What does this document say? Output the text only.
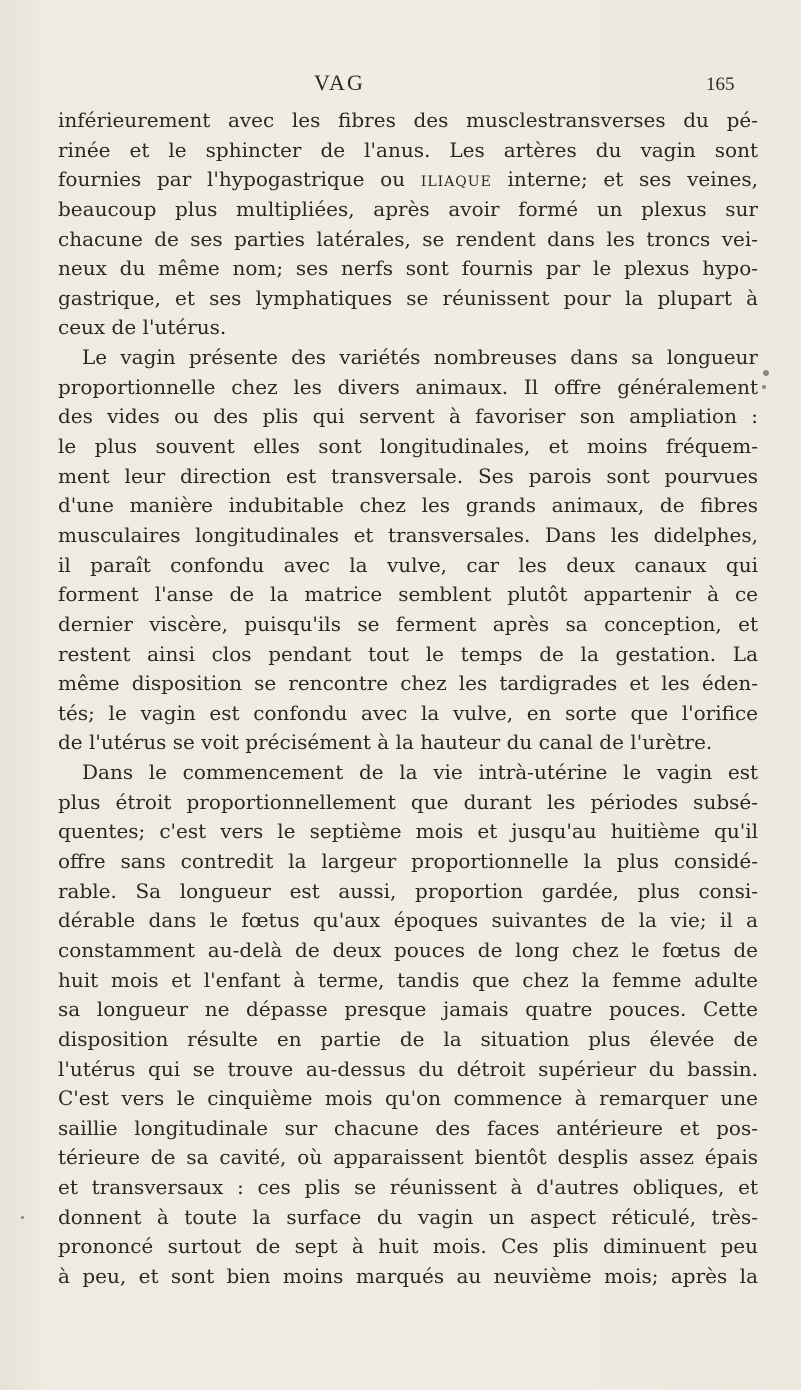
VAG	165
inférieurement avec les fibres des musclestransverses du pé-
rinée et le sphincter de l'anus. Les artères du vagin sont
fournies par l'hypogastrique ou iliaque interne; et ses veines,
beaucoup plus multipliées, après avoir formé un plexus sur
chacune de ses parties latérales, se rendent dans les troncs vei-
neux du même nom; ses nerfs sont fournis par le plexus hypo-
gastrique, et ses lymphatiques se réunissent pour la plupart à
ceux de l'utérus.
Le vagin présente des variétés nombreuses dans sa longueur
proportionnelle chez les divers animaux. Il offre généralement
des vides ou des plis qui servent à favoriser son ampliation :
le plus souvent elles sont longitudinales, et moins fréquem-
ment leur direction est transversale. Ses parois sont pourvues
d'une manière indubitable chez les grands animaux, de fibres
musculaires longitudinales et transversales. Dans les didelphes,
il paraît confondu avec la vulve, car les deux canaux qui
forment l'anse de la matrice semblent plutôt appartenir à ce
dernier viscère, puisqu'ils se ferment après sa conception, et
restent ainsi clos pendant tout le temps de la gestation. La
même disposition se rencontre chez les tardigrades et les éden-
tés; le vagin est confondu avec la vulve, en sorte que l'orifice
de l'utérus se voit précisément à la hauteur du canal de l'urètre.
Dans le commencement de la vie intrà-utérine le vagin est
plus étroit proportionnellement que durant les périodes subsé-
quentes; c'est vers le septième mois et jusqu'au huitième qu'il
offre sans contredit la largeur proportionnelle la plus considé-
rable. Sa longueur est aussi, proportion gardée, plus consi-
dérable dans le fœtus qu'aux époques suivantes de la vie; il a
constamment au-delà de deux pouces de long chez le fœtus de
huit mois et l'enfant à terme, tandis que chez la femme adulte
sa longueur ne dépasse presque jamais quatre pouces. Cette
disposition résulte en partie de la situation plus élevée de
l'utérus qui se trouve au-dessus du détroit supérieur du bassin.
C'est vers le cinquième mois qu'on commence à remarquer une
saillie longitudinale sur chacune des faces antérieure et pos-
térieure de sa cavité, où apparaissent bientôt desplis assez épais
et transversaux : ces plis se réunissent à d'autres obliques, et
donnent à toute la surface du vagin un aspect réticulé, très-
prononcé surtout de sept à huit mois. Ces plis diminuent peu
à peu, et sont bien moins marqués au neuvième mois; après la
